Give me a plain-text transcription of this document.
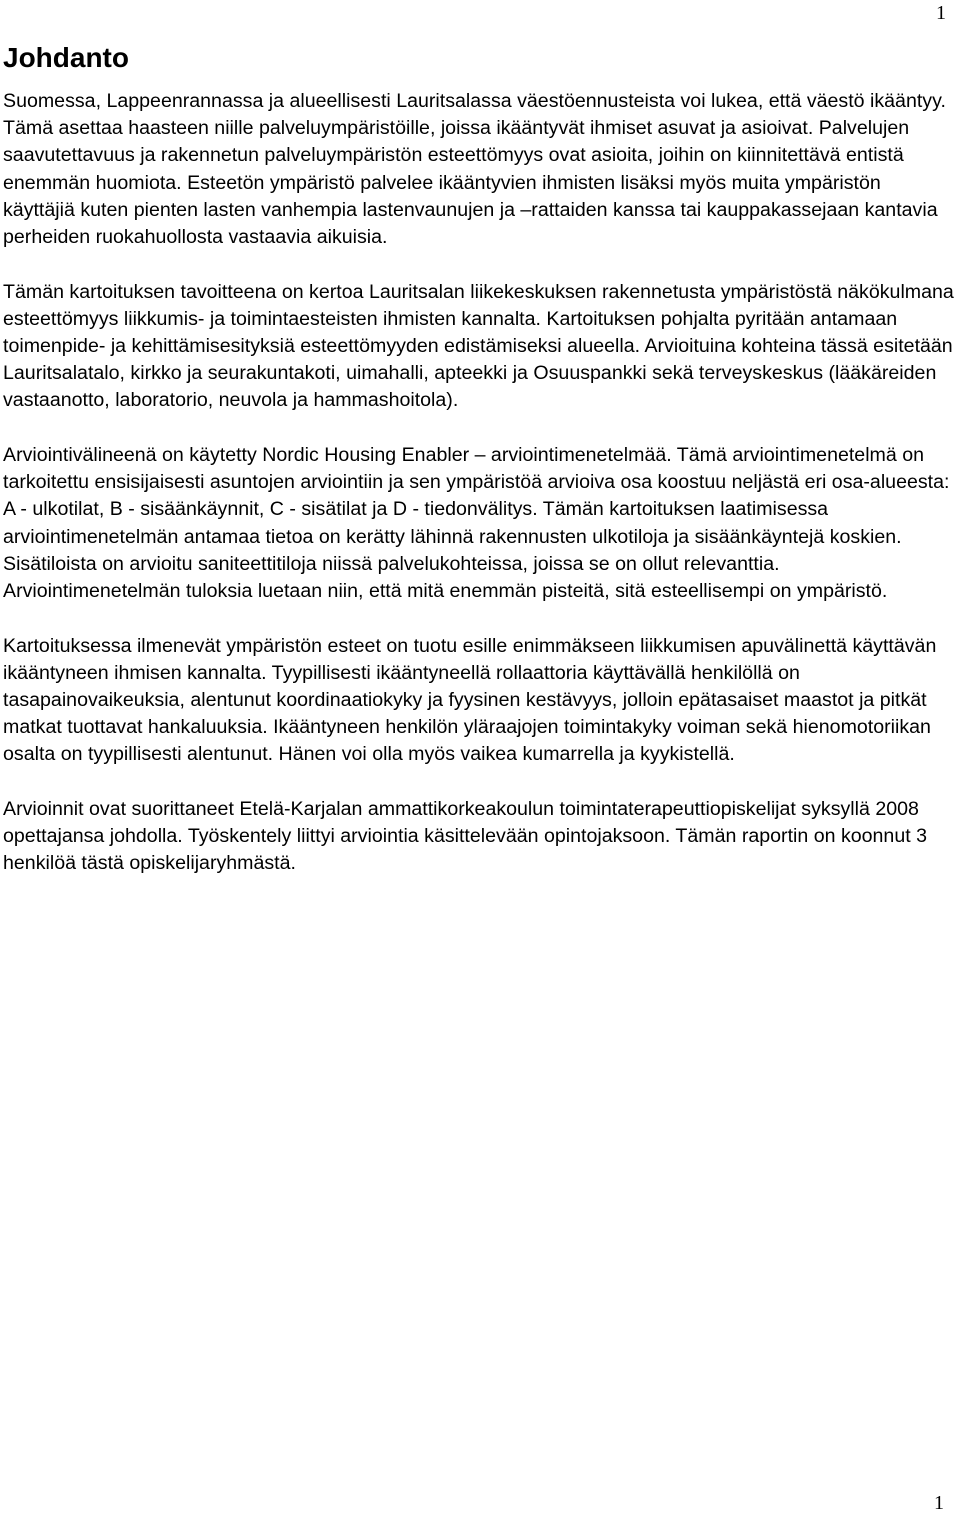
1
Johdanto

Suomessa, Lappeenrannassa ja alueellisesti Lauritsalassa väestöennusteista voi lukea, että väestö ikääntyy. Tämä asettaa haasteen niille palveluympäristöille, joissa ikääntyvät ihmiset asuvat ja asioivat. Palvelujen saavutettavuus ja rakennetun palveluympäristön esteettömyys ovat asioita, joihin on kiinnitettävä entistä enemmän huomiota. Esteetön ympäristö palvelee ikääntyvien ihmisten lisäksi myös muita ympäristön käyttäjiä kuten pienten lasten vanhempia lastenvaunujen ja –rattaiden kanssa tai kauppakassejaan kantavia perheiden ruokahuollosta vastaavia aikuisia.

Tämän kartoituksen tavoitteena on kertoa Lauritsalan liikekeskuksen rakennetusta ympäristöstä näkökulmana esteettömyys liikkumis- ja toimintaesteisten ihmisten kannalta. Kartoituksen pohjalta pyritään antamaan toimenpide- ja kehittämisesityksiä esteettömyyden edistämiseksi alueella. Arvioituina kohteina tässä esitetään Lauritsalatalo, kirkko ja seurakuntakoti, uimahalli, apteekki ja Osuuspankki sekä terveyskeskus (lääkäreiden vastaanotto, laboratorio, neuvola ja hammashoitola).

Arviointivälineenä on käytetty Nordic Housing Enabler – arviointimenetelmää. Tämä arviointimenetelmä on tarkoitettu ensisijaisesti asuntojen arviointiin ja sen ympäristöä arvioiva osa koostuu neljästä eri osa-alueesta: A - ulkotilat, B - sisäänkäynnit, C - sisätilat ja D - tiedonvälitys. Tämän kartoituksen laatimisessa arviointimenetelmän antamaa tietoa on kerätty lähinnä rakennusten ulkotiloja ja sisäänkäyntejä koskien. Sisätiloista on arvioitu saniteettitiloja niissä palvelukohteissa, joissa se on ollut relevanttia. Arviointimenetelmän tuloksia luetaan niin, että mitä enemmän pisteitä, sitä esteellisempi on ympäristö.

Kartoituksessa ilmenevät ympäristön esteet on tuotu esille enimmäkseen liikkumisen apuvälinettä käyttävän ikääntyneen ihmisen kannalta. Tyypillisesti ikääntyneellä rollaattoria käyttävällä henkilöllä on tasapainovaikeuksia, alentunut koordinaatiokyky ja fyysinen kestävyys, jolloin epätasaiset maastot ja pitkät matkat tuottavat hankaluuksia. Ikääntyneen henkilön yläraajojen toimintakyky voiman sekä hienomotoriikan osalta on tyypillisesti alentunut. Hänen voi olla myös vaikea kumarrella ja kyykistellä.

Arvioinnit ovat suorittaneet Etelä-Karjalan ammattikorkeakoulun toimintaterapeuttiopiskelijat syksyllä 2008 opettajansa johdolla. Työskentely liittyi arviointia käsittelevään opintojaksoon. Tämän raportin on koonnut 3 henkilöä tästä opiskelijaryhmästä.

1
